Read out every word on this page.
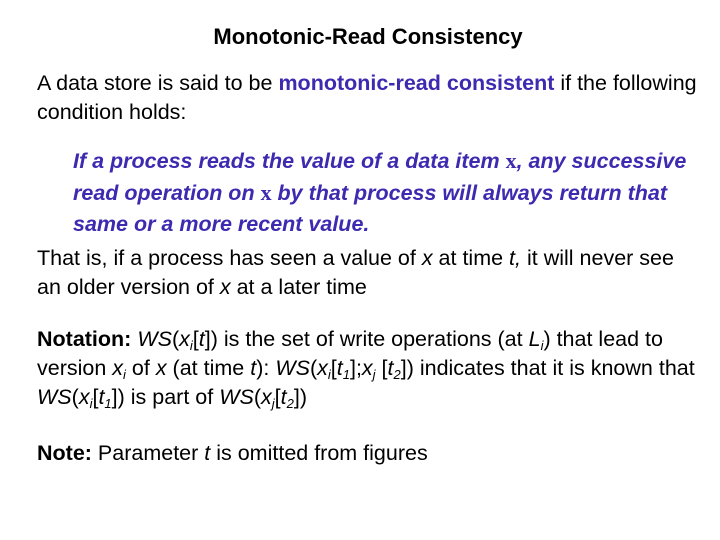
Monotonic-Read Consistency
A data store is said to be monotonic-read consistent if the following condition holds:
If a process reads the value of a data item x, any successive read operation on x by that process will always return that same or a more recent value.
That is, if a process has seen a value of x at time t, it will never see an older version of x at a later time
Notation: $WS(x_i[t])$ is the set of write operations (at $L_i$) that lead to version $x_i$ of x (at time t): $WS(x_i[t_1];x_j$ $[t_2]$) indicates that it is known that $WS(x_i[t_1])$ is part of $WS(x_j[t_2])$
Note: Parameter t is omitted from figures
